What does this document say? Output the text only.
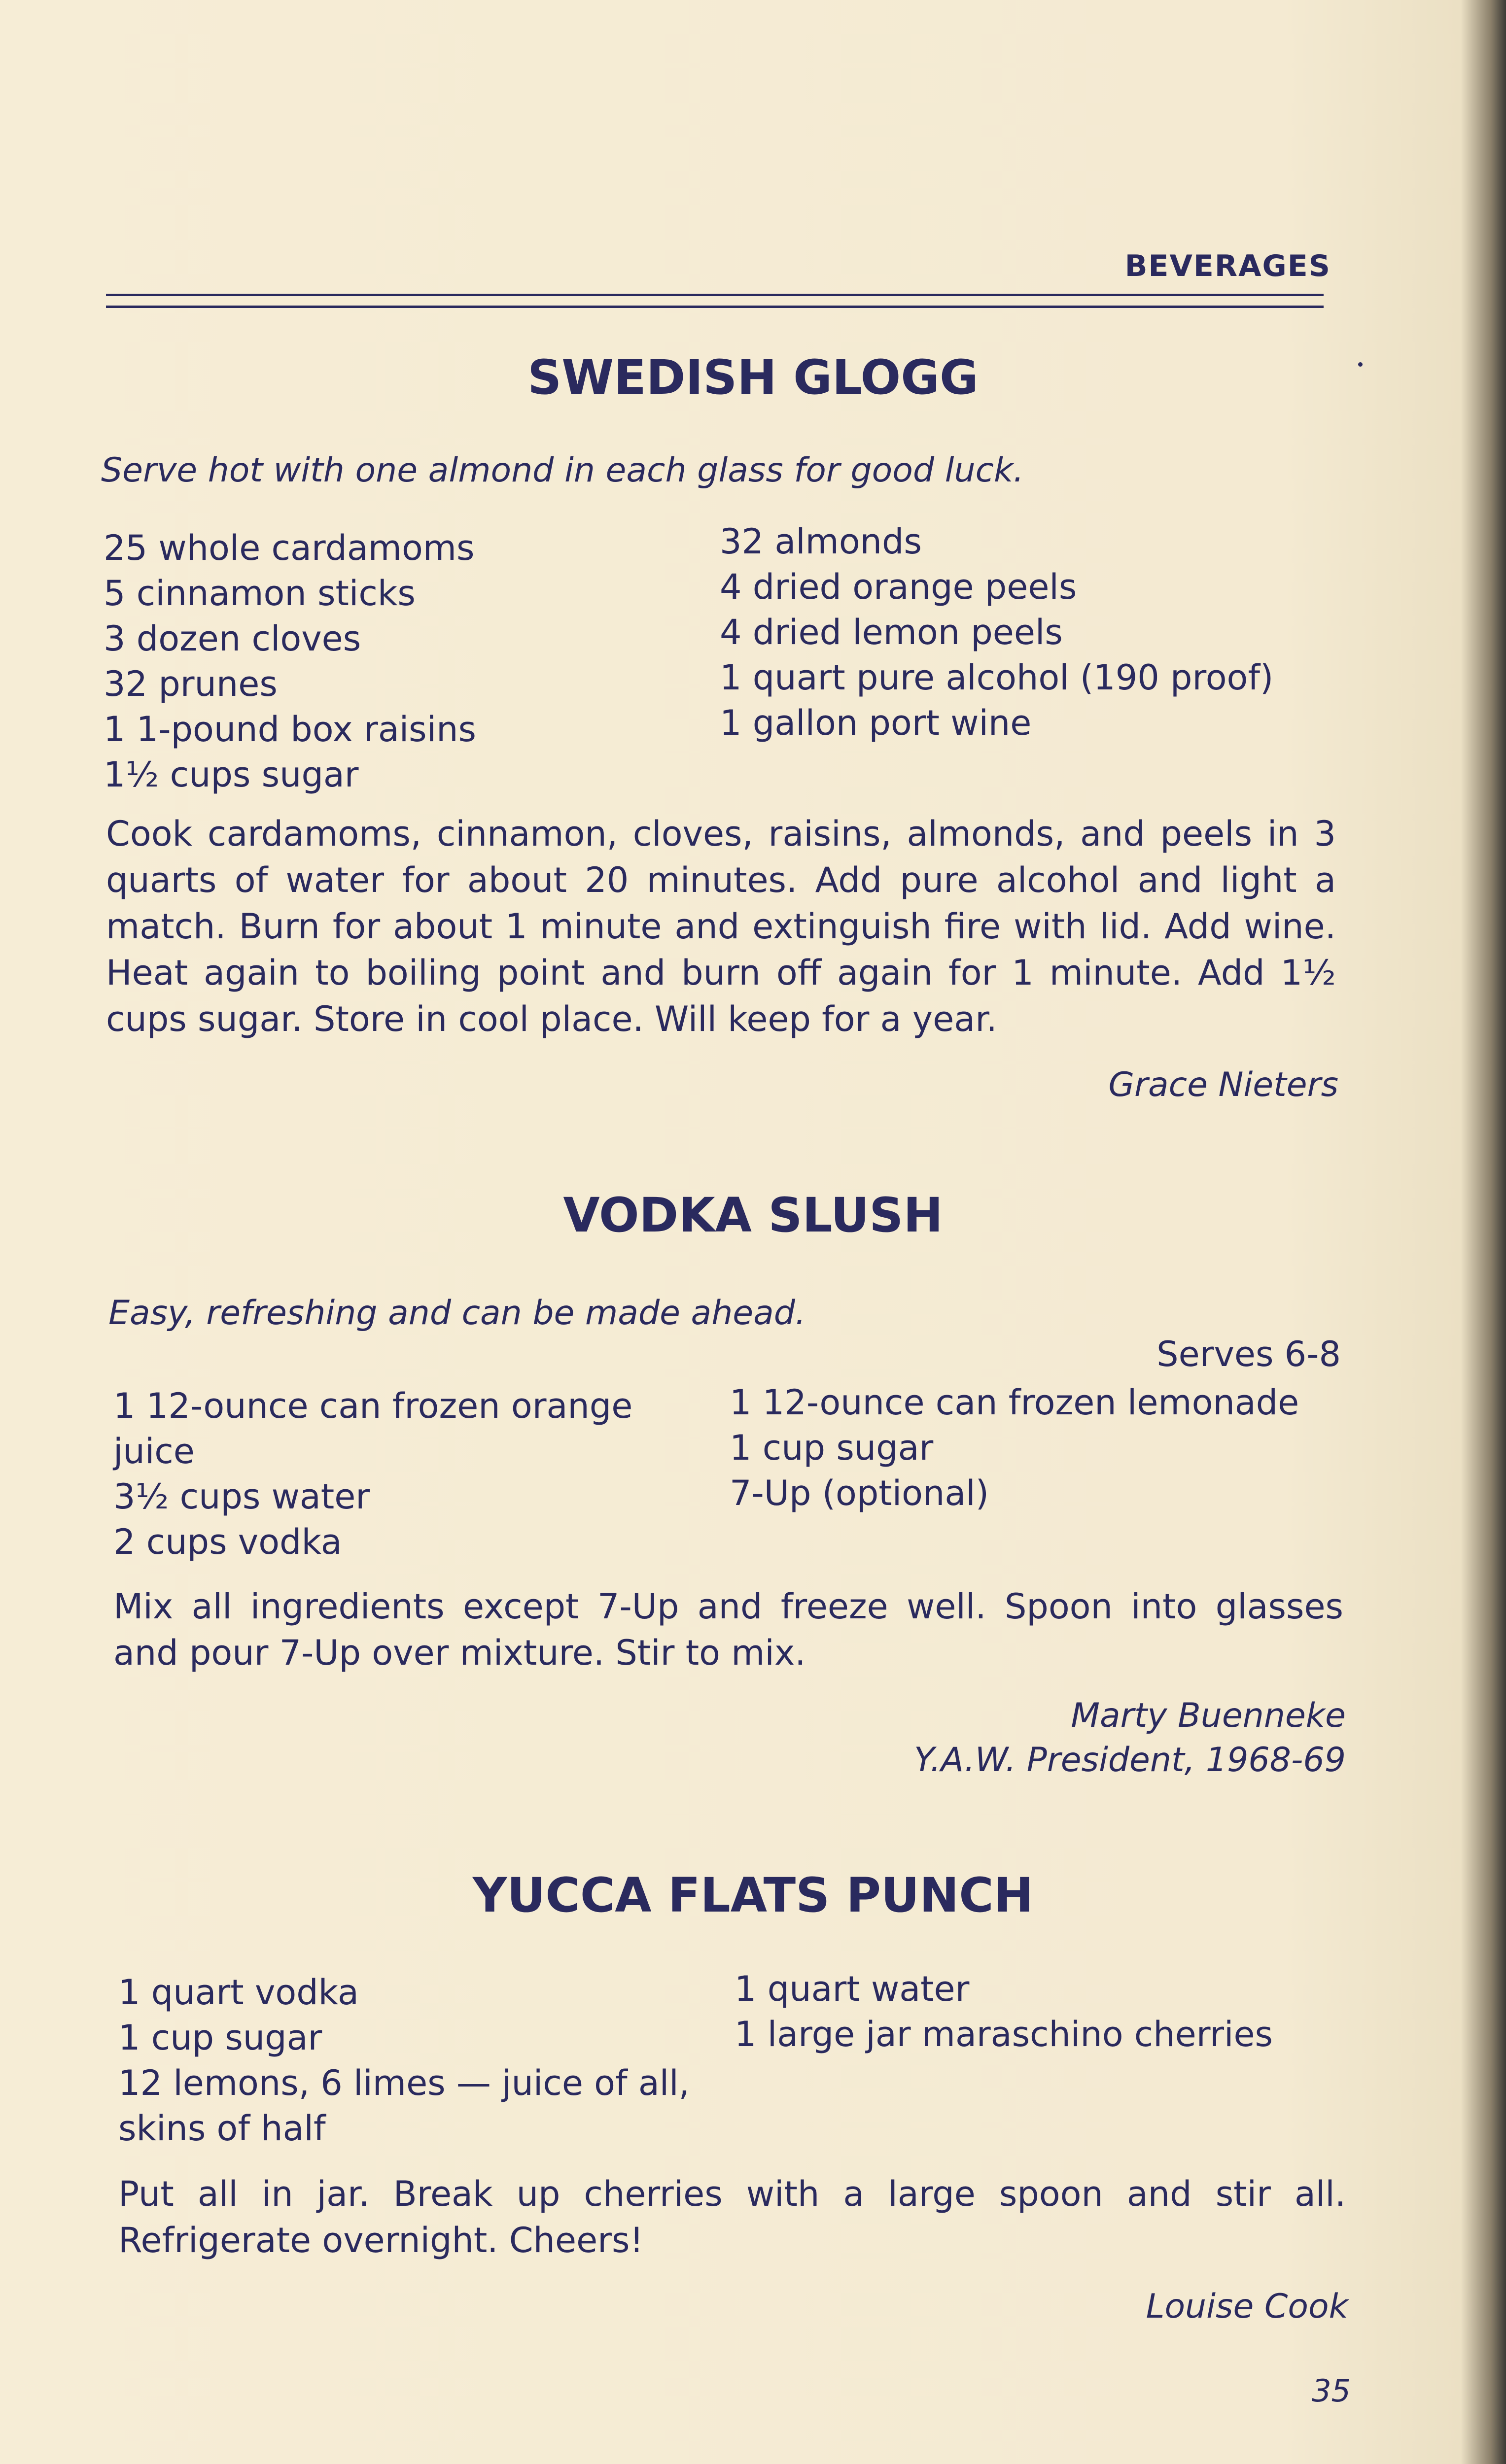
BEVERAGES
SWEDISH GLOGG

Serve hot with one almond in each glass for good luck.

25 whole cardamoms
5 cinnamon sticks
3 dozen cloves
32 prunes
1 1-pound box raisins
1½ cups sugar
32 almonds
4 dried orange peels
4 dried lemon peels
1 quart pure alcohol (190 proof)
1 gallon port wine

Cook cardamoms, cinnamon, cloves, raisins, almonds, and peels in 3 quarts of water for about 20 minutes. Add pure alcohol and light a match. Burn for about 1 minute and extinguish fire with lid. Add wine. Heat again to boiling point and burn off again for 1 minute. Add 1½ cups sugar. Store in cool place. Will keep for a year.

Grace Nieters

VODKA SLUSH

Easy, refreshing and can be made ahead.

Serves 6-8
1 12-ounce can frozen orange
juice
3½ cups water
2 cups vodka
1 12-ounce can frozen lemonade
1 cup sugar
7-Up (optional)

Mix all ingredients except 7-Up and freeze well. Spoon into glasses and pour 7-Up over mixture. Stir to mix.

Marty Buenneke

Y.A.W. President, 1968-69

YUCCA FLATS PUNCH
1 quart vodka
1 cup sugar
12 lemons, 6 limes — juice of all,
skins of half
1 quart water
1 large jar maraschino cherries

Put all in jar. Break up cherries with a large spoon and stir all. Refrigerate overnight. Cheers!

Louise Cook

35
